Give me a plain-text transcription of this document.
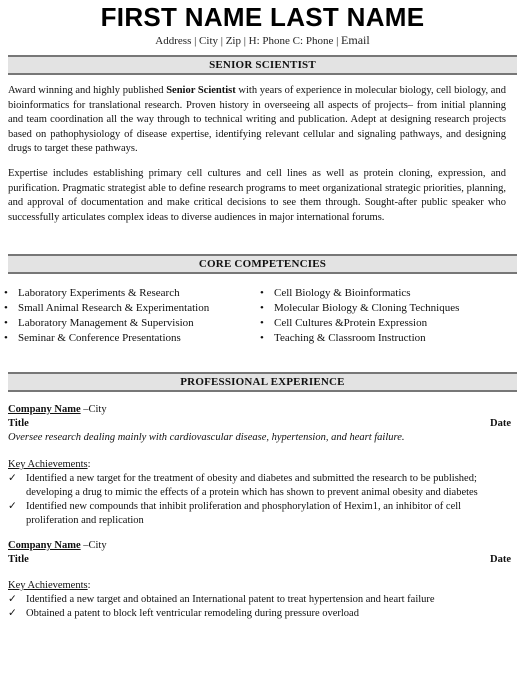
FIRST NAME LAST NAME
Address | City | Zip | H: Phone C: Phone | Email
SENIOR SCIENTIST
Award winning and highly published Senior Scientist with years of experience in molecular biology, cell biology, and bioinformatics for translational research. Proven history in overseeing all aspects of projects– from initial planning and team coordination all the way through to technical writing and publication. Adept at designing research projects based on pathophysiology of disease expertise, identifying relevant cellular and signaling pathways, and designing drugs to target these pathways.
Expertise includes establishing primary cell cultures and cell lines as well as protein cloning, expression, and purification. Pragmatic strategist able to define research programs to meet organizational strategic priorities, planning, and approval of documentation and make critical decisions to see them through. Sought-after public speaker who successfully articulates complex ideas to diverse audiences in major international forums.
CORE COMPETENCIES
• Laboratory Experiments & Research
• Small Animal Research & Experimentation
• Laboratory Management & Supervision
• Seminar & Conference Presentations
• Cell Biology & Bioinformatics
• Molecular Biology & Cloning Techniques
• Cell Cultures &Protein Expression
• Teaching & Classroom Instruction
PROFESSIONAL EXPERIENCE
Company Name –City
Title	Date
Oversee research dealing mainly with cardiovascular disease, hypertension, and heart failure.
Key Achievements:
✓ Identified a new target for the treatment of obesity and diabetes and submitted the research to be published; developing a drug to mimic the effects of a protein which has shown to prevent animal obesity and diabetes
✓ Identified new compounds that inhibit proliferation and phosphorylation of Hexim1, an inhibitor of cell proliferation and replication
Company Name –City
Title	Date
Key Achievements:
✓ Identified a new target and obtained an International patent to treat hypertension and heart failure
✓ Obtained a patent to block left ventricular remodeling during pressure overload
